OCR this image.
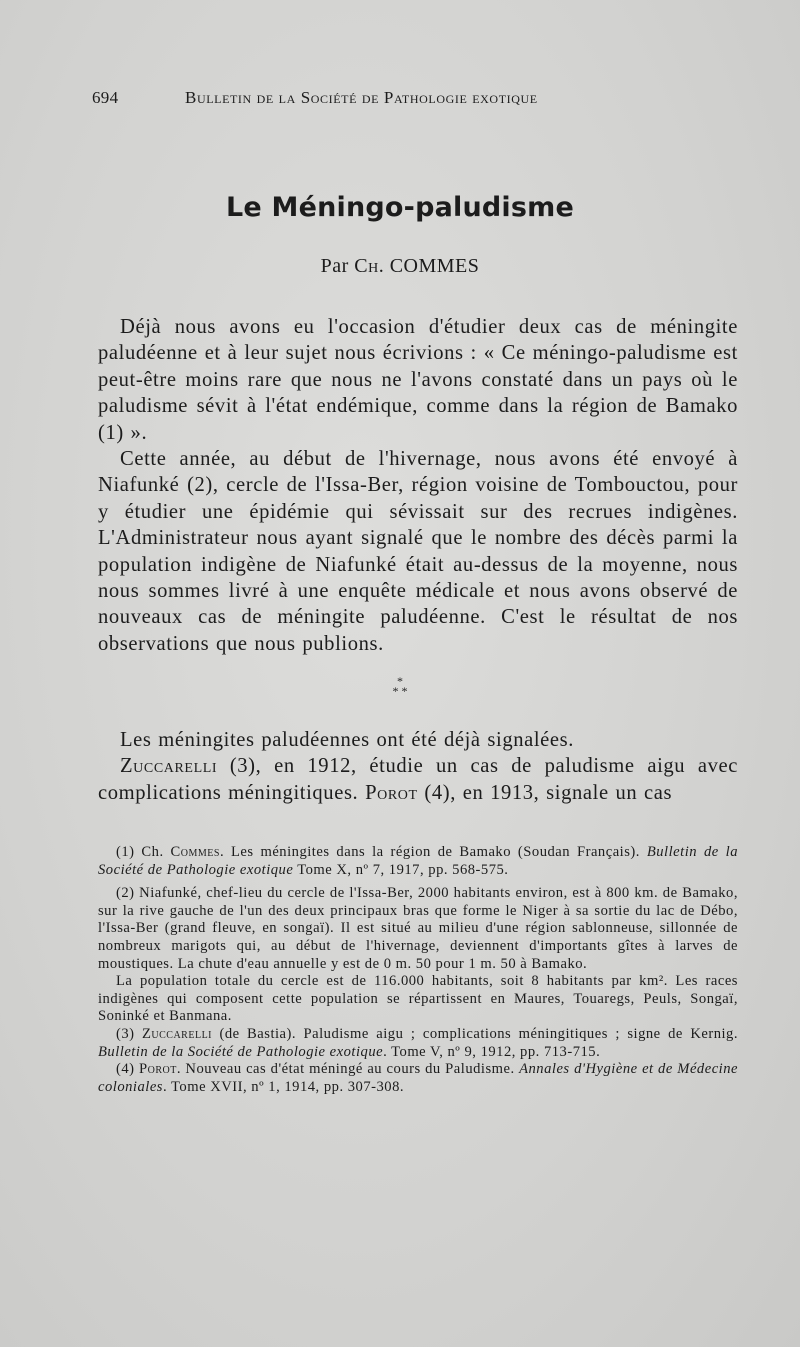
694	Bulletin de la Société de Pathologie exotique
Le Méningo-paludisme
Par Ch. COMMES

Déjà nous avons eu l'occasion d'étudier deux cas de méningite paludéenne et à leur sujet nous écrivions : « Ce méningo-paludisme est peut-être moins rare que nous ne l'avons constaté dans un pays où le paludisme sévit à l'état endémique, comme dans la région de Bamako (1) ».

Cette année, au début de l'hivernage, nous avons été envoyé à Niafunké (2), cercle de l'Issa-Ber, région voisine de Tombouctou, pour y étudier une épidémie qui sévissait sur des recrues indigènes. L'Administrateur nous ayant signalé que le nombre des décès parmi la population indigène de Niafunké était au-dessus de la moyenne, nous nous sommes livré à une enquête médicale et nous avons observé de nouveaux cas de méningite paludéenne. C'est le résultat de nos observations que nous publions.

*
* *

Les méningites paludéennes ont été déjà signalées.

Zuccarelli (3), en 1912, étudie un cas de paludisme aigu avec complications méningitiques. Porot (4), en 1913, signale un cas

(1) Ch. Commes. Les méningites dans la région de Bamako (Soudan Français). Bulletin de la Société de Pathologie exotique Tome X, nº 7, 1917, pp. 568-575.

(2) Niafunké, chef-lieu du cercle de l'Issa-Ber, 2000 habitants environ, est à 800 km. de Bamako, sur la rive gauche de l'un des deux principaux bras que forme le Niger à sa sortie du lac de Débo, l'Issa-Ber (grand fleuve, en songaï). Il est situé au milieu d'une région sablonneuse, sillonnée de nombreux marigots qui, au début de l'hivernage, deviennent d'importants gîtes à larves de moustiques. La chute d'eau annuelle y est de 0 m. 50 pour 1 m. 50 à Bamako.

La population totale du cercle est de 116.000 habitants, soit 8 habitants par km². Les races indigènes qui composent cette population se répartissent en Maures, Touaregs, Peuls, Songaï, Soninké et Banmana.

(3) Zuccarelli (de Bastia). Paludisme aigu ; complications méningitiques ; signe de Kernig. Bulletin de la Société de Pathologie exotique. Tome V, nº 9, 1912, pp. 713-715.

(4) Porot. Nouveau cas d'état méningé au cours du Paludisme. Annales d'Hygiène et de Médecine coloniales. Tome XVII, nº 1, 1914, pp. 307-308.
